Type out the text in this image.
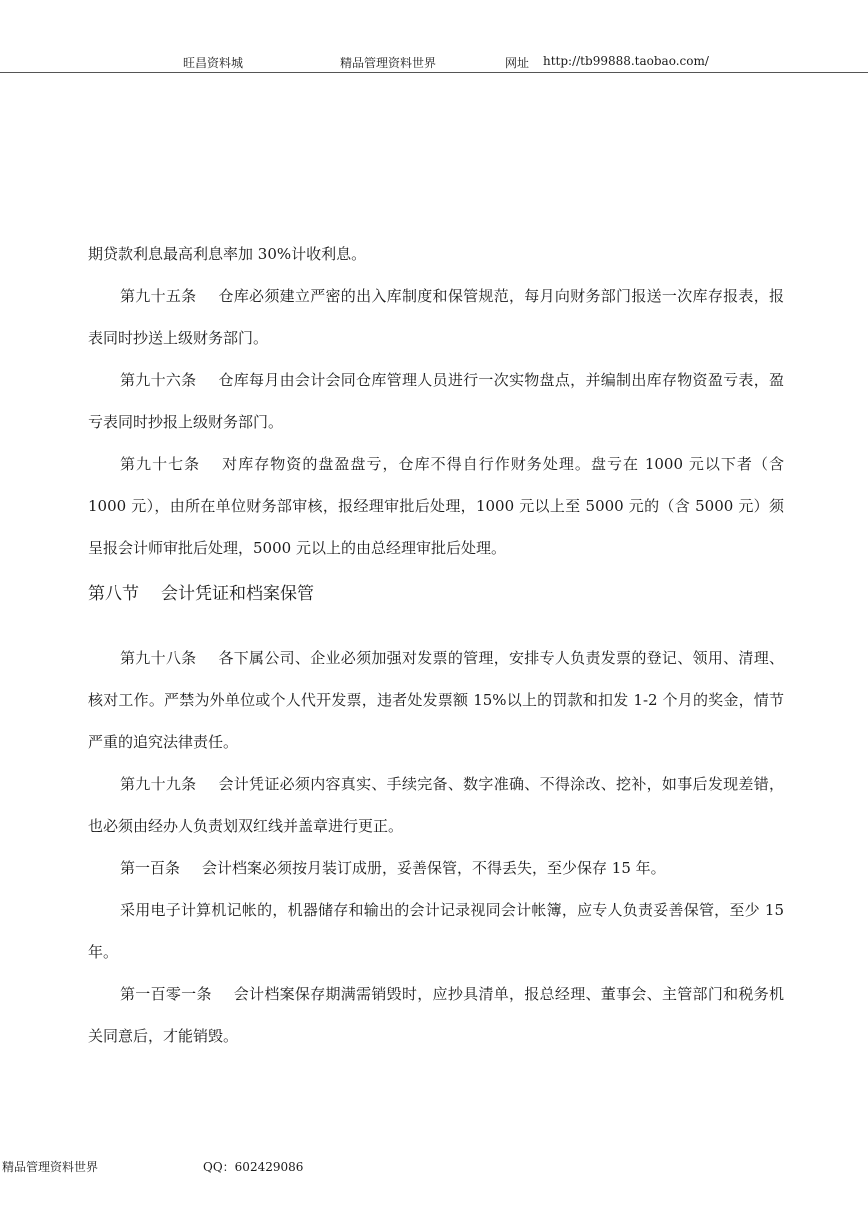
旺昌资料城	精品管理资料世界	网址 http://tb99888.taobao.com/

期贷款利息最高利息率加 30%计收利息。

第九十五条 仓库必须建立严密的出入库制度和保管规范，每月向财务部门报送一次库存报表，报表同时抄送上级财务部门。

第九十六条 仓库每月由会计会同仓库管理人员进行一次实物盘点，并编制出库存物资盈亏表，盈亏表同时抄报上级财务部门。

第九十七条 对库存物资的盘盈盘亏，仓库不得自行作财务处理。盘亏在 1000 元以下者（含 1000 元），由所在单位财务部审核，报经理审批后处理，1000 元以上至 5000 元的（含 5000 元）须呈报会计师审批后处理，5000 元以上的由总经理审批后处理。

第八节 会计凭证和档案保管

第九十八条 各下属公司、企业必须加强对发票的管理，安排专人负责发票的登记、领用、清理、核对工作。严禁为外单位或个人代开发票，违者处发票额 15%以上的罚款和扣发 1-2 个月的奖金，情节严重的追究法律责任。

第九十九条 会计凭证必须内容真实、手续完备、数字准确、不得涂改、挖补，如事后发现差错，也必须由经办人负责划双红线并盖章进行更正。

第一百条 会计档案必须按月装订成册，妥善保管，不得丢失，至少保存 15 年。

采用电子计算机记帐的，机器储存和输出的会计记录视同会计帐簿，应专人负责妥善保管，至少 15 年。

第一百零一条 会计档案保存期满需销毁时，应抄具清单，报总经理、董事会、主管部门和税务机关同意后，才能销毁。

精品管理资料世界	QQ：602429086
